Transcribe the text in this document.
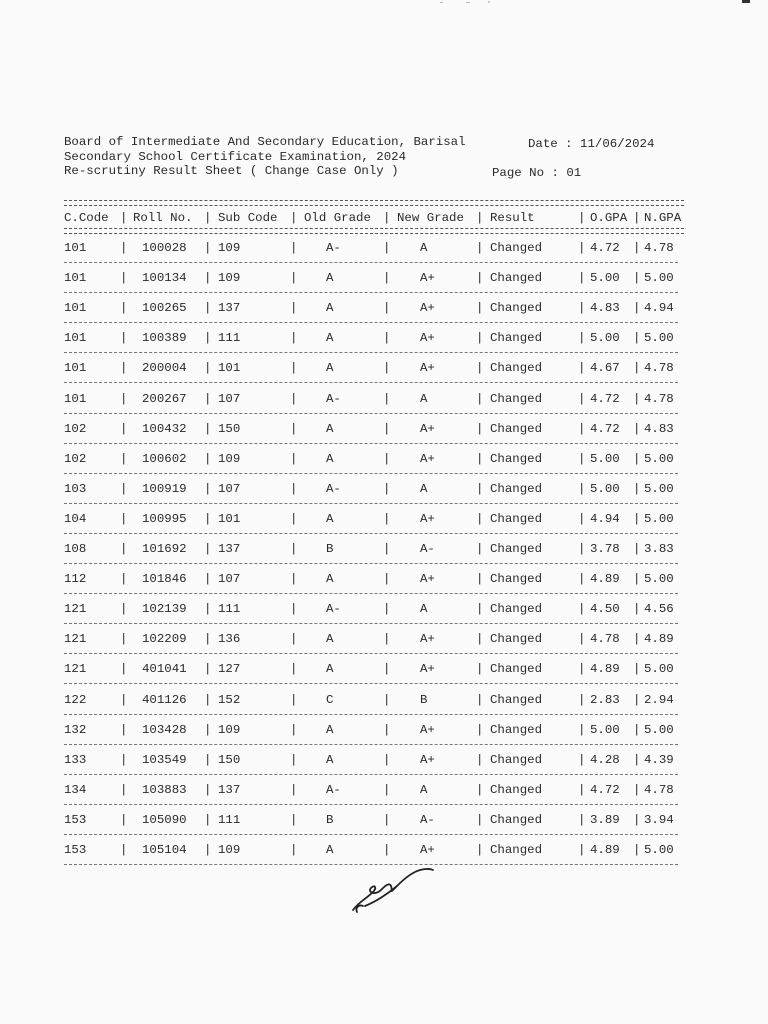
Board of Intermediate And Secondary Education, Barisal	Date : 11/06/2024
Secondary School Certificate Examination, 2024
Re-scrutiny Result Sheet ( Change Case Only )	Page No : 01
C.Code | Roll No. | Sub Code | Old Grade | New Grade | Result	| O.GPA | N.GPA
101	100028	109	A-	A	Changed	4.72 4.78
|	|	|	|	|	|	|
101	100134	109	A	A+	Changed	5.00 5.00
|	|	|	|	|	|	|
101	100265	137	A	A+	Changed	4.83 4.94
|	|	|	|	|	|	|
101	100389	111	A	A+	Changed	5.00 5.00
|	|	|	|	|	|	|
101	200004	101	A	A+	Changed	4.67 4.78
|	|	|	|	|	|	|
101	200267	107	A-	A	Changed	4.72 4.78
|	|	|	|	|	|	|
102	100432	150	A	A+	Changed	4.72 4.83
|	|	|	|	|	|	|
102	100602	109	A	A+	Changed	5.00 5.00
|	|	|	|	|	|	|
103	100919	107	A-	A	Changed	5.00 5.00
|	|	|	|	|	|	|
104	100995	101	A	A+	Changed	4.94 5.00
|	|	|	|	|	|	|
108	101692	137	B	A-	Changed	3.78 3.83
|	|	|	|	|	|	|
112	101846	107	A	A+	Changed	4.89 5.00
|	|	|	|	|	|	|
121	102139	111	A-	A	Changed	4.50 4.56
|	|	|	|	|	|	|
121	102209	136	A	A+	Changed	4.78 4.89
|	|	|	|	|	|	|
121	401041	127	A	A+	Changed	4.89 5.00
|	|	|	|	|	|	|
122	401126	152	C	B	Changed	2.83 2.94
|	|	|	|	|	|	|
132	103428	109	A	A+	Changed	5.00 5.00
|	|	|	|	|	|	|
133	103549	150	A	A+	Changed	4.28 4.39
|	|	|	|	|	|	|
134	103883	137	A-	A	Changed	4.72 4.78
|	|	|	|	|	|	|
153	105090	111	B	A-	Changed	3.89 3.94
|	|	|	|	|	|	|
153	105104	109	A	A+	Changed	4.89 5.00
|	|	|	|	|	|	|
